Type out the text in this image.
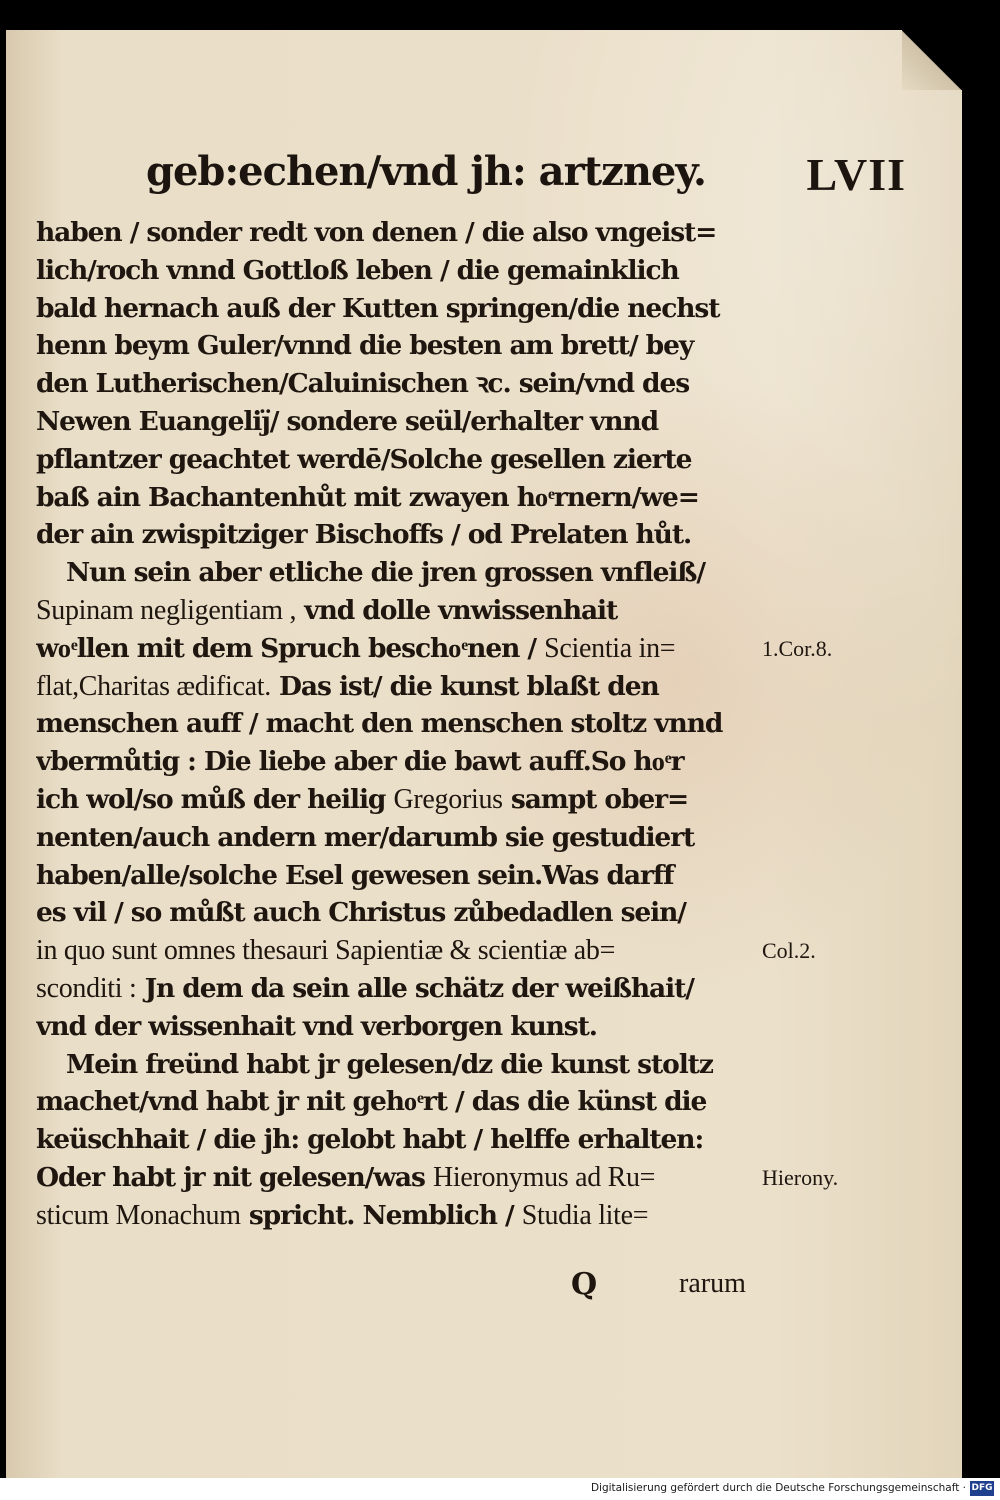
geb:echen/vnd jh: artzney. LVII
haben / sonder redt von denen / die also vngeist=
lich/roch vnnd Gottloß leben / die gemainklich
bald hernach auß der Kutten springen/die nechst
henn beym Guler/vnnd die besten am brett/ bey
den Lutherischen/Caluinischen ꝛc. sein/vnd des
Newen Euangeliȷ̈/ sondere seül/erhalter vnnd
pflantzer geachtet werdē/Solche gesellen zierte
baß ain Bachantenhůt mit zwayen hoͤrnern/we=
der ain zwispitziger Bischoffs / od Prelaten hůt.
Nun sein aber etliche die jren grossen vnfleiß/
Supinam negligentiam , vnd dolle vnwissenhait
woͤllen mit dem Spruch beschoͤnen / Scientia in=
flat,Charitas ædificat. Das ist/ die kunst blaßt den
menschen auff / macht den menschen stoltz vnnd
vbermůtig : Die liebe aber die bawt auff.So hoͤr
ich wol/so můß der heilig Gregorius sampt ober=
nenten/auch andern mer/darumb sie gestudiert
haben/alle/solche Esel gewesen sein.Was darff
es vil / so můßt auch Christus zůbedadlen sein/
in quo sunt omnes thesauri Sapientiæ & scientiæ ab=
sconditi : Jn dem da sein alle schätz der weißhait/
vnd der wissenhait vnd verborgen kunst.
Mein freünd habt jr gelesen/dz die kunst stoltz
machet/vnd habt jr nit gehoͤrt / das die künst die
keüschhait / die jh: gelobt habt / helffe erhalten:
Oder habt jr nit gelesen/was Hieronymus ad Ru=
sticum Monachum spricht. Nemblich / Studia lite=
1.Cor.8.
Col.2.
Hierony.
Q	rarum
Digitalisierung gefördert durch die Deutsche Forschungsgemeinschaft · DFG
